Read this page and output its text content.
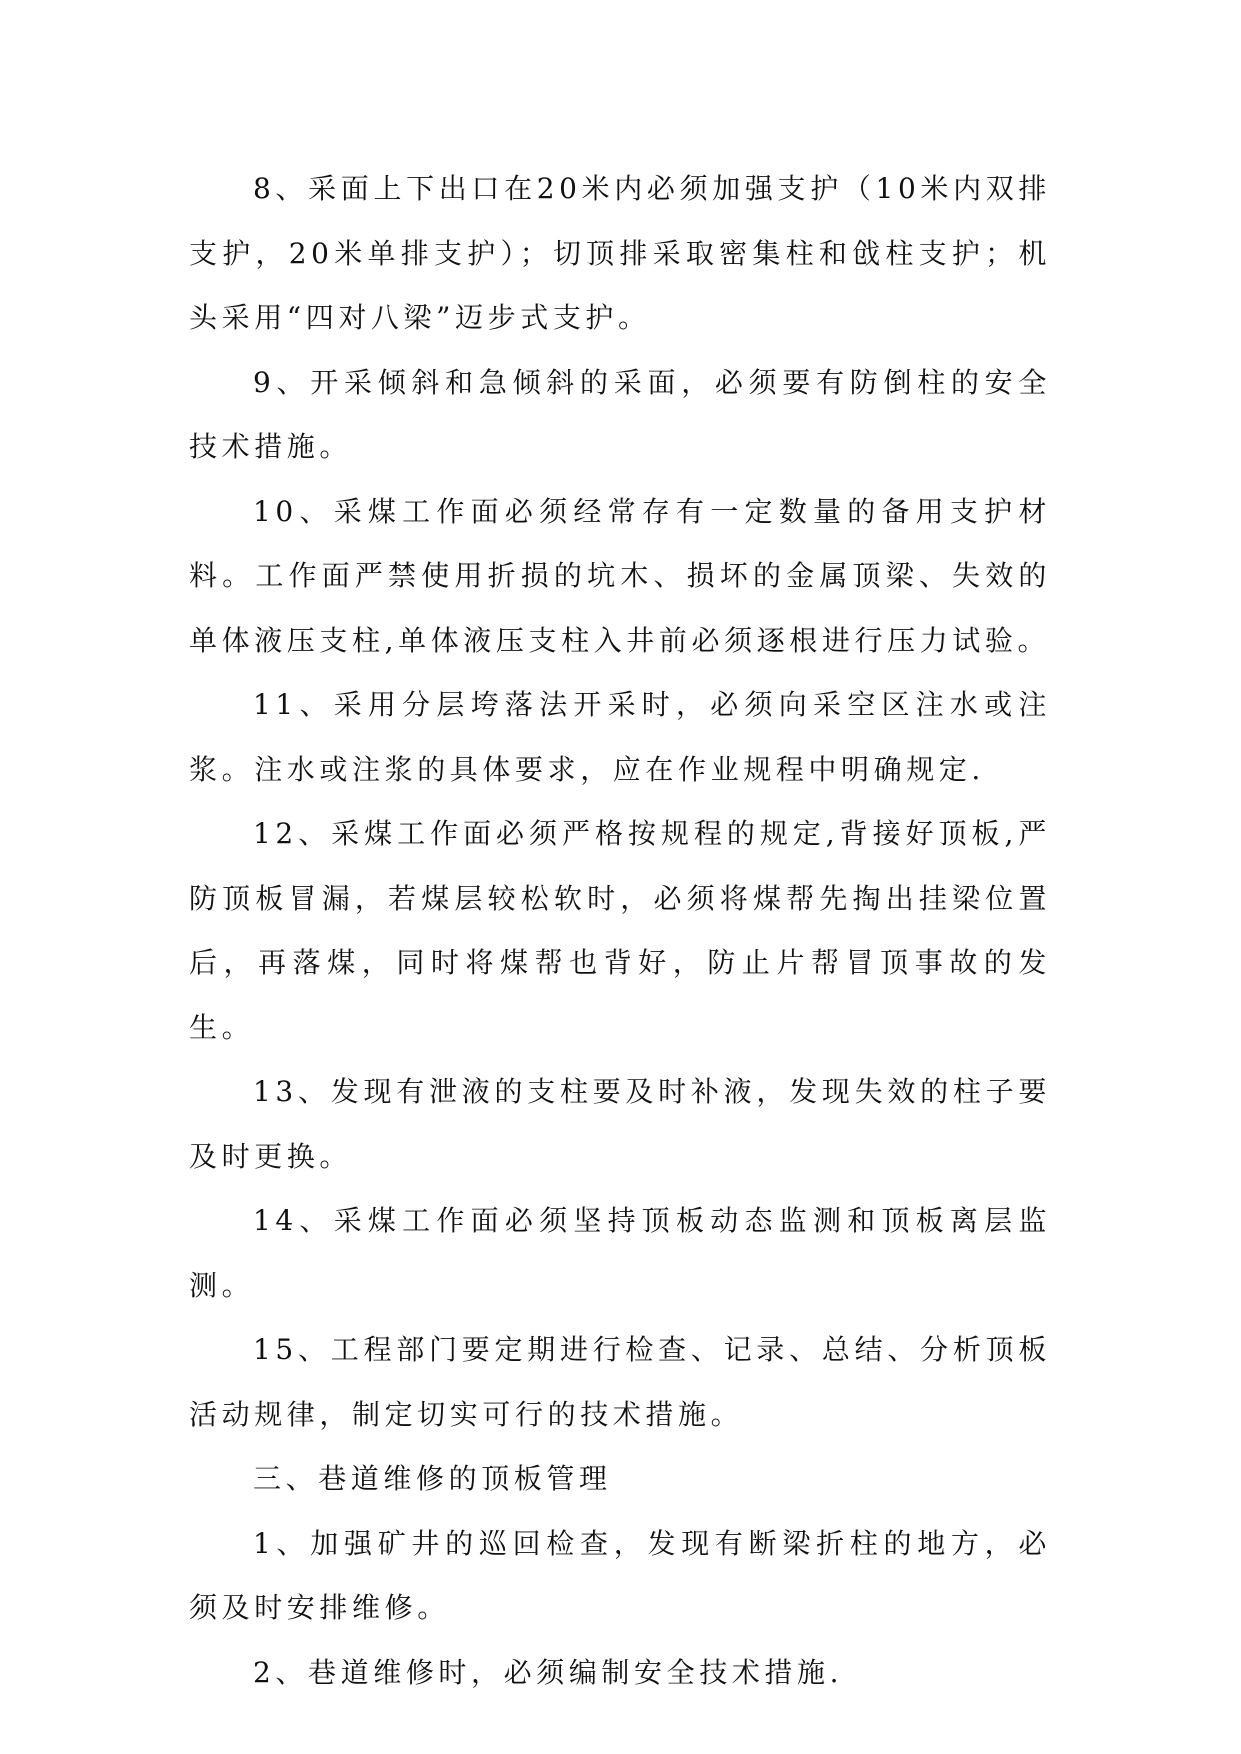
8、采面上下出口在20米内必须加强支护（10米内双排支护，20米单排支护）；切顶排采取密集柱和戗柱支护；机头采用“四对八梁”迈步式支护。

9、开采倾斜和急倾斜的采面，必须要有防倒柱的安全技术措施。

10、采煤工作面必须经常存有一定数量的备用支护材料。工作面严禁使用折损的坑木、损坏的金属顶梁、失效的单体液压支柱,单体液压支柱入井前必须逐根进行压力试验。

11、采用分层垮落法开采时，必须向采空区注水或注浆。注水或注浆的具体要求，应在作业规程中明确规定.

12、采煤工作面必须严格按规程的规定,背接好顶板,严防顶板冒漏，若煤层较松软时，必须将煤帮先掏出挂梁位置后，再落煤，同时将煤帮也背好，防止片帮冒顶事故的发生。

13、发现有泄液的支柱要及时补液，发现失效的柱子要及时更换。

14、采煤工作面必须坚持顶板动态监测和顶板离层监测。

15、工程部门要定期进行检查、记录、总结、分析顶板活动规律，制定切实可行的技术措施。

三、巷道维修的顶板管理

1、加强矿井的巡回检查，发现有断梁折柱的地方，必须及时安排维修。

2、巷道维修时，必须编制安全技术措施.
